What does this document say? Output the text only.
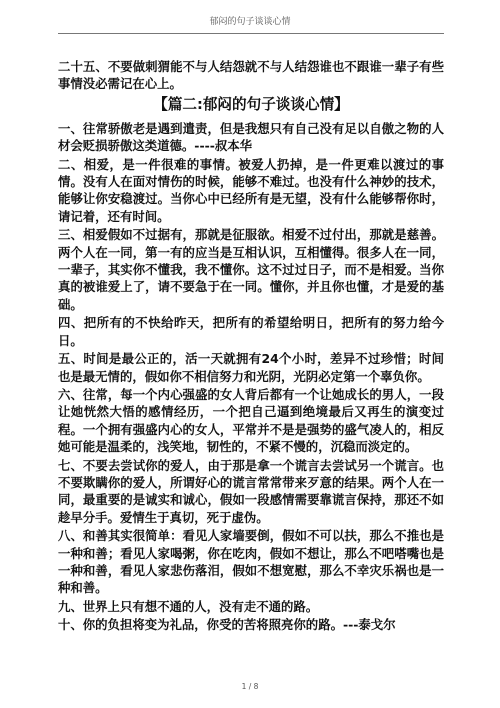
郁闷的句子谈谈心情

二十五、不要做刺猬能不与人结怨就不与人结怨谁也不跟谁一辈子有些事情没必需记在心上。

【篇二:郁闷的句子谈谈心情】

一、往常骄傲老是遇到遣责，但是我想只有自己没有足以自傲之物的人材会贬损骄傲这类道德。----叔本华

二、相爱，是一件很难的事情。被爱人扔掉，是一件更难以渡过的事情。没有人在面对情伤的时候，能够不难过。也没有什么神妙的技术，能够让你安稳渡过。当你心中已经所有是无望，没有什么能够帮你时，请记着，还有时间。

三、相爱假如不过据有，那就是征服欲。相爱不过付出，那就是慈善。两个人在一同，第一有的应当是互相认识，互相懂得。很多人在一同，一辈子，其实你不懂我，我不懂你。这不过过日子，而不是相爱。当你真的被谁爱上了，请不要急于在一同。懂你，并且你也懂，才是爱的基础。

四、把所有的不快给昨天，把所有的希望给明日，把所有的努力给今日。

五、时间是最公正的，活一天就拥有24个小时，差异不过珍惜；时间也是最无情的，假如你不相信努力和光阴，光阴必定第一个辜负你。

六、往常，每一个内心强盛的女人背后都有一个让她成长的男人，一段让她恍然大悟的感情经历，一个把自己逼到绝境最后又再生的演变过程。一个拥有强盛内心的女人，平常并不是是强势的盛气凌人的，相反她可能是温柔的，浅笑地，韧性的，不紧不慢的，沉稳而淡定的。

七、不要去尝试你的爱人，由于那是拿一个谎言去尝试另一个谎言。也不要欺瞒你的爱人，所谓好心的谎言常常带来歹意的结果。两个人在一同，最重要的是诚实和诚心，假如一段感情需要靠谎言保持，那还不如趁早分手。爱情生于真切，死于虚伪。

八、和善其实很简单：看见人家墙要倒，假如不可以扶，那么不推也是一种和善；看见人家喝粥，你在吃肉，假如不想让，那么不吧嗒嘴也是一种和善，看见人家悲伤落泪，假如不想宽慰，那么不幸灾乐祸也是一种和善。

九、世界上只有想不通的人，没有走不通的路。

十、你的负担将变为礼品，你受的苦将照亮你的路。---泰戈尔

1 / 8
